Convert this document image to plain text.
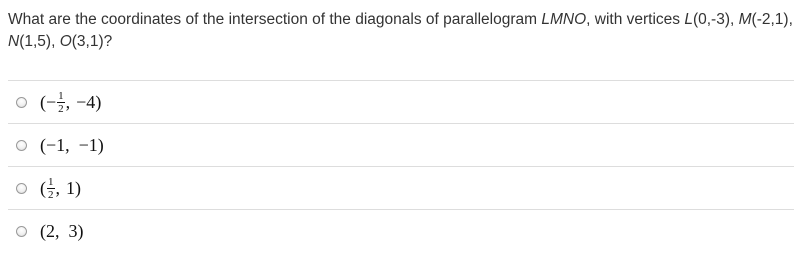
What are the coordinates of the intersection of the diagonals of parallelogram LMNO, with vertices L(0,-3), M(-2,1), N(1,5), O(3,1)?
( − $\frac{1}{2}$ , −4 )
(−1,  −1)
( $\frac{1}{2}$ , 1 )
(2,  3)
